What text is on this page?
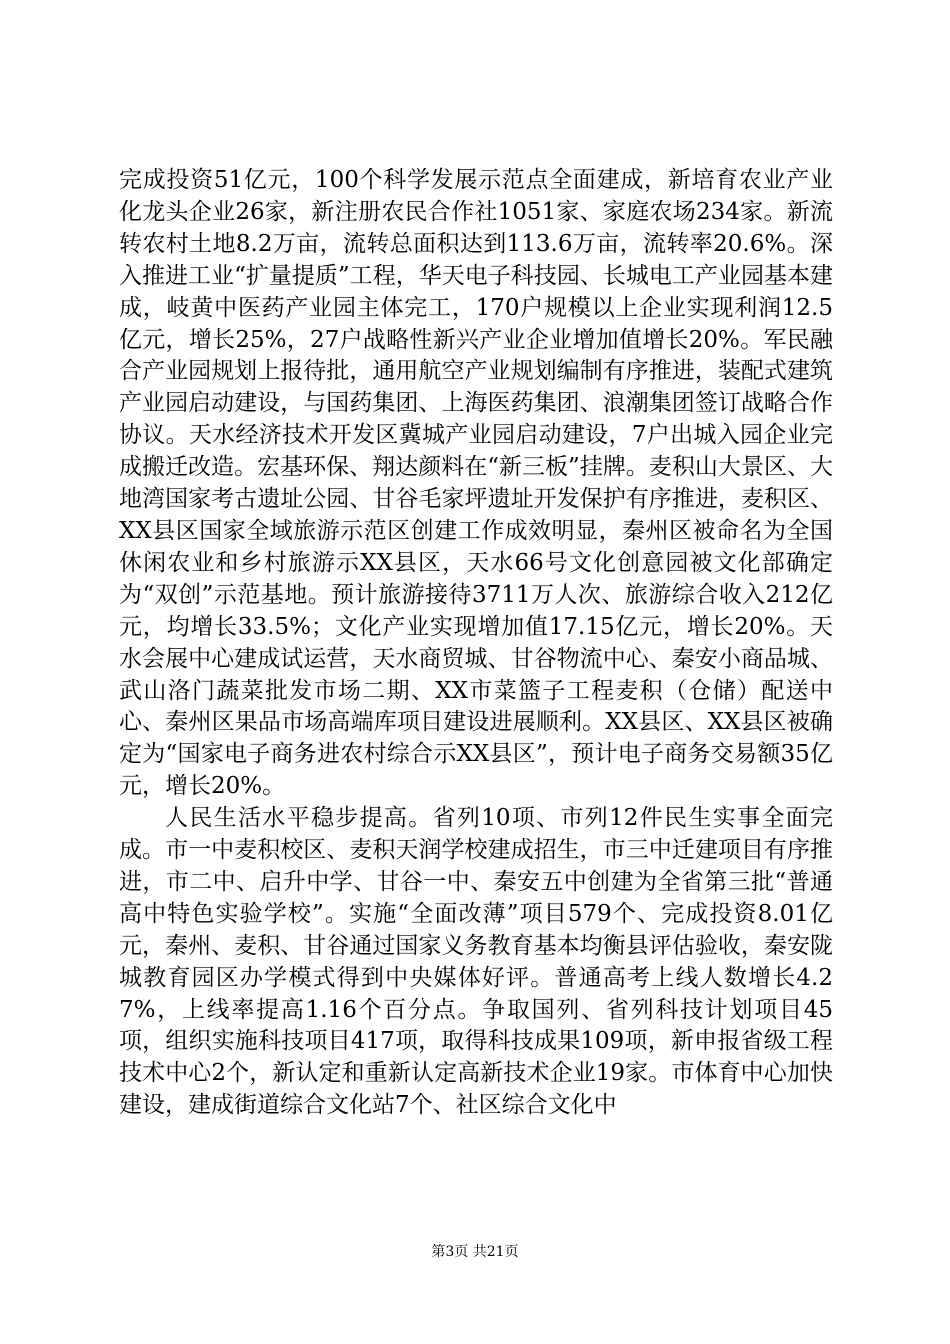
完成投资51亿元，100个科学发展示范点全面建成，新培育农业产业化龙头企业26家，新注册农民合作社1051家、家庭农场234家。新流转农村土地8.2万亩，流转总面积达到113.6万亩，流转率20.6%。深入推进工业“扩量提质”工程，华天电子科技园、长城电工产业园基本建成，岐黄中医药产业园主体完工，170户规模以上企业实现利润12.5亿元，增长25%，27户战略性新兴产业企业增加值增长20%。军民融合产业园规划上报待批，通用航空产业规划编制有序推进，装配式建筑产业园启动建设，与国药集团、上海医药集团、浪潮集团签订战略合作协议。天水经济技术开发区冀城产业园启动建设，7户出城入园企业完成搬迁改造。宏基环保、翔达颜料在“新三板”挂牌。麦积山大景区、大地湾国家考古遗址公园、甘谷毛家坪遗址开发保护有序推进，麦积区、XX县区国家全域旅游示范区创建工作成效明显，秦州区被命名为全国休闲农业和乡村旅游示XX县区，天水66号文化创意园被文化部确定为“双创”示范基地。预计旅游接待3711万人次、旅游综合收入212亿元，均增长33.5%；文化产业实现增加值17.15亿元，增长20%。天水会展中心建成试运营，天水商贸城、甘谷物流中心、秦安小商品城、武山洛门蔬菜批发市场二期、XX市菜篮子工程麦积（仓储）配送中心、秦州区果品市场高端库项目建设进展顺利。XX县区、XX县区被确定为“国家电子商务进农村综合示XX县区”，预计电子商务交易额35亿元，增长20%。

人民生活水平稳步提高。省列10项、市列12件民生实事全面完成。市一中麦积校区、麦积天润学校建成招生，市三中迁建项目有序推进，市二中、启升中学、甘谷一中、秦安五中创建为全省第三批“普通高中特色实验学校”。实施“全面改薄”项目579个、完成投资8.01亿元，秦州、麦积、甘谷通过国家义务教育基本均衡县评估验收，秦安陇城教育园区办学模式得到中央媒体好评。普通高考上线人数增长4.27%，上线率提高1.16个百分点。争取国列、省列科技计划项目45项，组织实施科技项目417项，取得科技成果109项，新申报省级工程技术中心2个，新认定和重新认定高新技术企业19家。市体育中心加快建设，建成街道综合文化站7个、社区综合文化中

第3页 共21页
